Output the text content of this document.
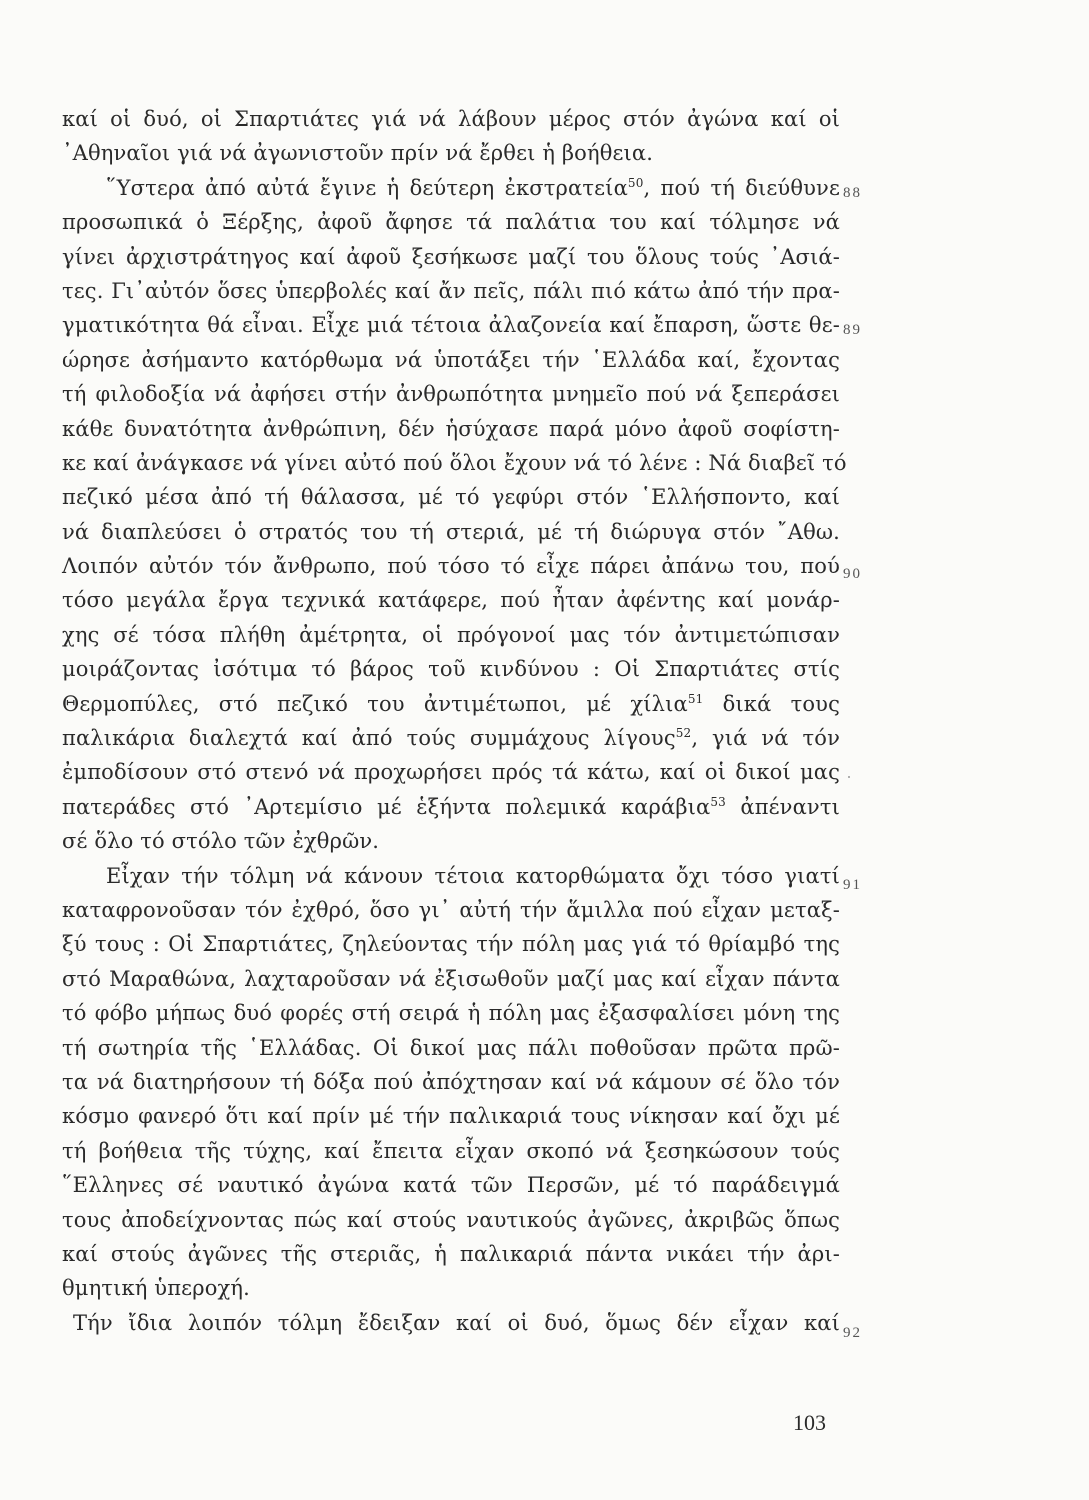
καί οἱ δυό, οἱ Σπαρτιάτες γιά νά λάβουν μέρος στόν ἀγώνα καί οἱ
᾿Αθηναῖοι γιά νά ἀγωνιστοῦν πρίν νά ἔρθει ἡ βοήθεια.
῞Υστερα ἀπό αὐτά ἔγινε ἡ δεύτερη ἐκστρατεία$^{50}$, πού τή διεύθυνε
προσωπικά ὁ Ξέρξης, ἀφοῦ ἄφησε τά παλάτια του καί τόλμησε νά
γίνει ἀρχιστράτηγος καί ἀφοῦ ξεσήκωσε μαζί του ὅλους τούς ᾿Ασιά-
τες. Γι᾿αὐτόν ὅσες ὑπερβολές καί ἄν πεῖς, πάλι πιό κάτω ἀπό τήν πρα-
γματικότητα θά εἶναι. Εἶχε μιά τέτοια ἀλαζονεία καί ἔπαρση, ὥστε θε-
ώρησε ἀσήμαντο κατόρθωμα νά ὑποτάξει τήν ῾Ελλάδα καί, ἔχοντας
τή φιλοδοξία νά ἀφήσει στήν ἀνθρωπότητα μνημεῖο πού νά ξεπεράσει
κάθε δυνατότητα ἀνθρώπινη, δέν ἡσύχασε παρά μόνο ἀφοῦ σοφίστη-
κε καί ἀνάγκασε νά γίνει αὐτό πού ὅλοι ἔχουν νά τό λένε : Νά διαβεῖ τό
πεζικό μέσα ἀπό τή θάλασσα, μέ τό γεφύρι στόν ῾Ελλήσποντο, καί
νά διαπλεύσει ὁ στρατός του τή στεριά, μέ τή διώρυγα στόν ῎Αθω.
Λοιπόν αὐτόν τόν ἄνθρωπο, πού τόσο τό εἶχε πάρει ἀπάνω του, πού
τόσο μεγάλα ἔργα τεχνικά κατάφερε, πού ἦταν ἀφέντης καί μονάρ-
χης σέ τόσα πλήθη ἀμέτρητα, οἱ πρόγονοί μας τόν ἀντιμετώπισαν
μοιράζοντας ἰσότιμα τό βάρος τοῦ κινδύνου : Οἱ Σπαρτιάτες στίς
Θερμοπύλες, στό πεζικό του ἀντιμέτωποι, μέ χίλια$^{51}$ δικά τους
παλικάρια διαλεχτά καί ἀπό τούς συμμάχους λίγους$^{52}$, γιά νά τόν
ἐμποδίσουν στό στενό νά προχωρήσει πρός τά κάτω, καί οἱ δικοί μας
πατεράδες στό ᾿Αρτεμίσιο μέ ἑξήντα πολεμικά καράβια$^{53}$ ἀπέναντι
σέ ὅλο τό στόλο τῶν ἐχθρῶν.
Εἶχαν τήν τόλμη νά κάνουν τέτοια κατορθώματα ὄχι τόσο γιατί
καταφρονοῦσαν τόν ἐχθρό, ὅσο γι᾿ αὐτή τήν ἅμιλλα πού εἶχαν μεταξ-
ξύ τους : Οἱ Σπαρτιάτες, ζηλεύοντας τήν πόλη μας γιά τό θρίαμβό της
στό Μαραθώνα, λαχταροῦσαν νά ἐξισωθοῦν μαζί μας καί εἶχαν πάντα
τό φόβο μήπως δυό φορές στή σειρά ἡ πόλη μας ἐξασφαλίσει μόνη της
τή σωτηρία τῆς ῾Ελλάδας. Οἱ δικοί μας πάλι ποθοῦσαν πρῶτα πρῶ-
τα νά διατηρήσουν τή δόξα πού ἀπόχτησαν καί νά κάμουν σέ ὅλο τόν
κόσμο φανερό ὅτι καί πρίν μέ τήν παλικαριά τους νίκησαν καί ὄχι μέ
τή βοήθεια τῆς τύχης, καί ἔπειτα εἶχαν σκοπό νά ξεσηκώσουν τούς
῞Ελληνες σέ ναυτικό ἀγώνα κατά τῶν Περσῶν, μέ τό παράδειγμά
τους ἀποδείχνοντας πώς καί στούς ναυτικούς ἀγῶνες, ἀκριβῶς ὅπως
καί στούς ἀγῶνες τῆς στεριᾶς, ἡ παλικαριά πάντα νικάει τήν ἀρι-
θμητική ὑπεροχή.
Τήν ἴδια λοιπόν τόλμη ἔδειξαν καί οἱ δυό, ὅμως δέν εἶχαν καί
88
89
90
91
92
103
